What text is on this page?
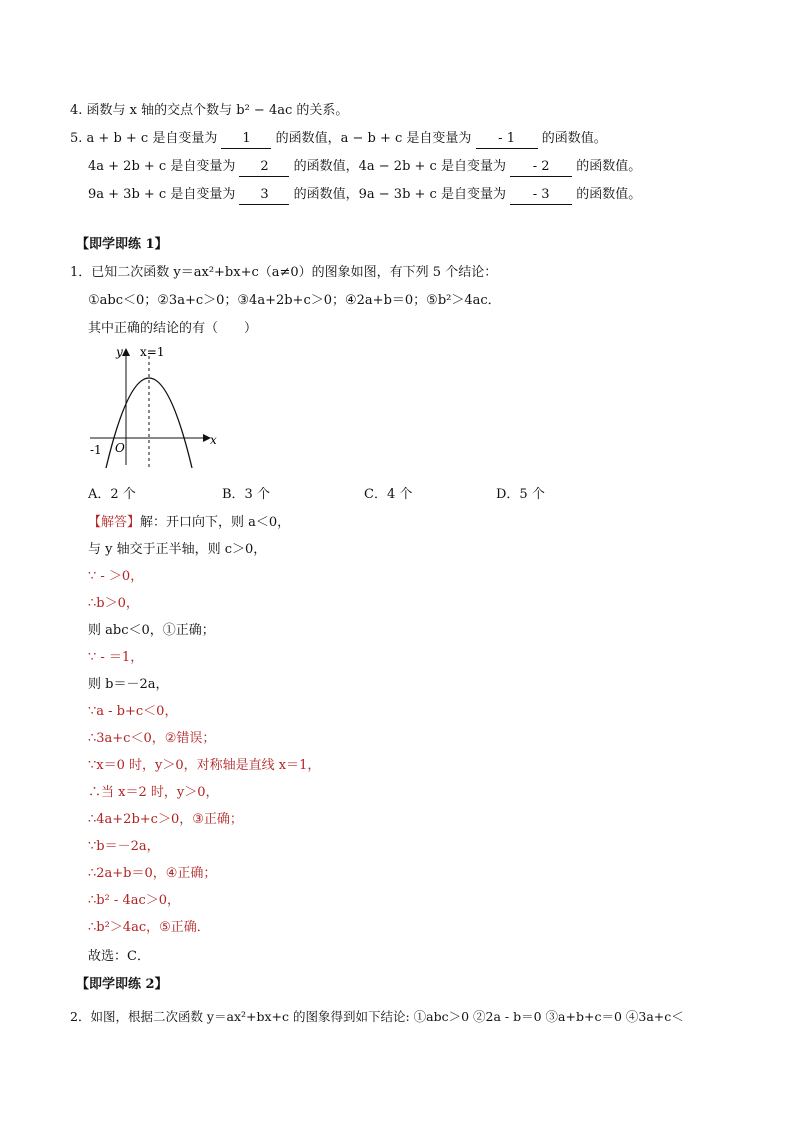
4. 函数与 x 轴的交点个数与 b² − 4ac 的关系。
5. a + b + c 是自变量为 1 的函数值，a − b + c 是自变量为 - 1 的函数值。
4a + 2b + c 是自变量为 2 的函数值，4a − 2b + c 是自变量为 - 2 的函数值。
9a + 3b + c 是自变量为 3 的函数值，9a − 3b + c 是自变量为 - 3 的函数值。
【即学即练 1】
1．已知二次函数 y＝ax²+bx+c（a≠0）的图象如图，有下列 5 个结论：
①abc＜0；②3a+c＞0；③4a+2b+c＞0；④2a+b＝0；⑤b²＞4ac．
其中正确的结论的有（　　）
y
x
x=1
-1 O
A．2 个	B．3 个	C．4 个	D．5 个
【解答】解：开口向下，则 a＜0，
与 y 轴交于正半轴，则 c＞0，
∵ - ＞0，
∴b＞0，
则 abc＜0，①正确；
∵ - ＝1，
则 b＝－2a，
∵a - b+c＜0，
∴3a+c＜0，②错误；
∵x＝0 时，y＞0，对称轴是直线 x＝1，
∴当 x＝2 时，y＞0，
∴4a+2b+c＞0，③正确；
∵b＝－2a，
∴2a+b＝0，④正确；
∴b² - 4ac＞0，
∴b²＞4ac，⑤正确．
故选：C．
【即学即练 2】
2．如图，根据二次函数 y＝ax²+bx+c 的图象得到如下结论: ①abc＞0 ②2a - b＝0 ③a+b+c＝0 ④3a+c＜
